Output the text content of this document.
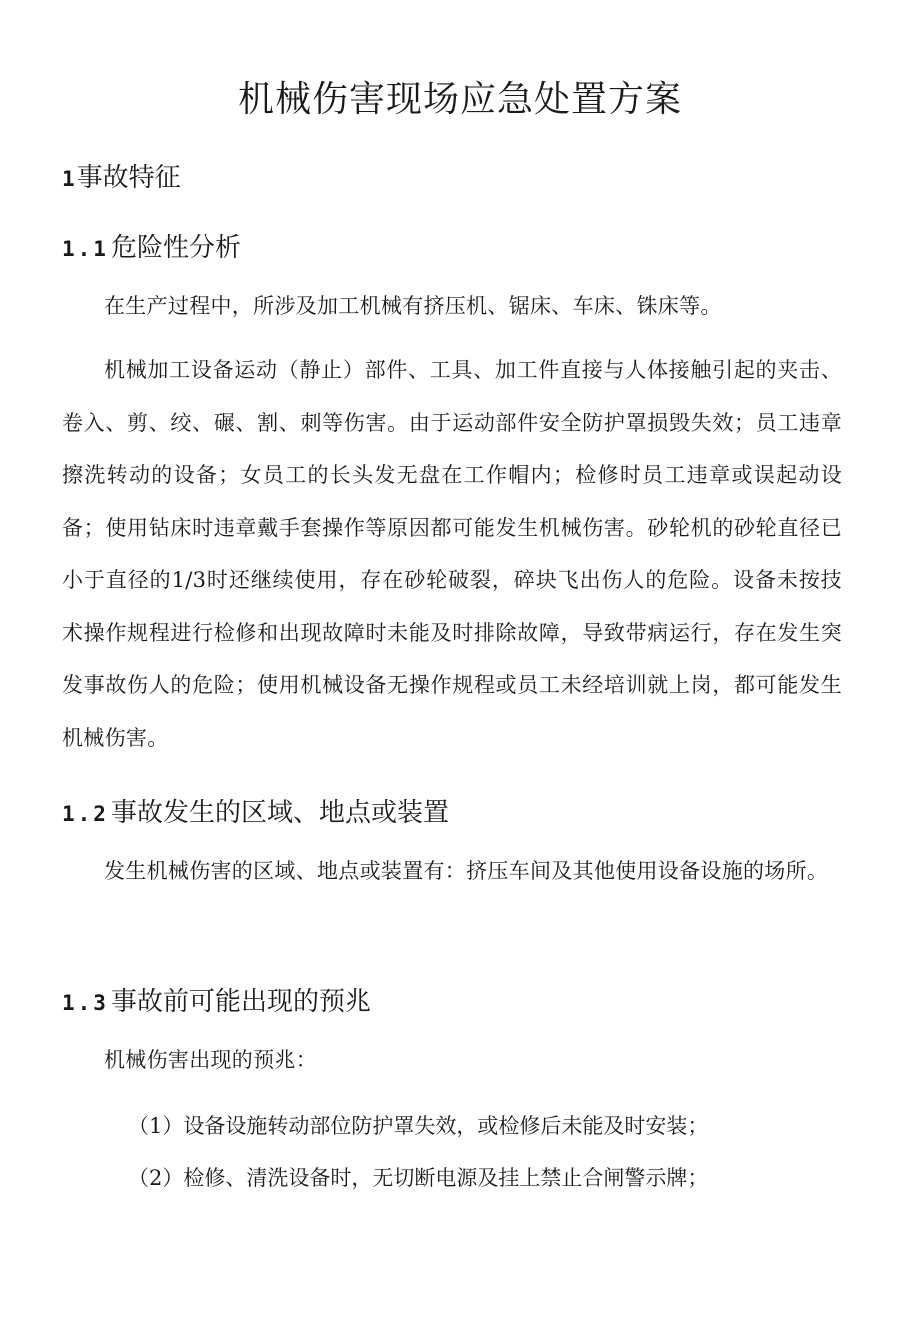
机械伤害现场应急处置方案
1事故特征
1.1危险性分析

在生产过程中，所涉及加工机械有挤压机、锯床、车床、铢床等。

机械加工设备运动（静止）部件、工具、加工件直接与人体接触引起的夹击、卷入、剪、绞、碾、割、刺等伤害。由于运动部件安全防护罩损毁失效；员工违章擦洗转动的设备；女员工的长头发无盘在工作帽内；检修时员工违章或误起动设备；使用钻床时违章戴手套操作等原因都可能发生机械伤害。砂轮机的砂轮直径已小于直径的1/3时还继续使用，存在砂轮破裂，碎块飞出伤人的危险。设备未按技术操作规程进行检修和出现故障时未能及时排除故障，导致带病运行，存在发生突发事故伤人的危险；使用机械设备无操作规程或员工未经培训就上岗，都可能发生机械伤害。

1.2事故发生的区域、地点或装置

发生机械伤害的区域、地点或装置有：挤压车间及其他使用设备设施的场所。

1.3事故前可能出现的预兆

机械伤害出现的预兆：

（1）设备设施转动部位防护罩失效，或检修后未能及时安装；

（2）检修、清洗设备时，无切断电源及挂上禁止合闸警示牌；
